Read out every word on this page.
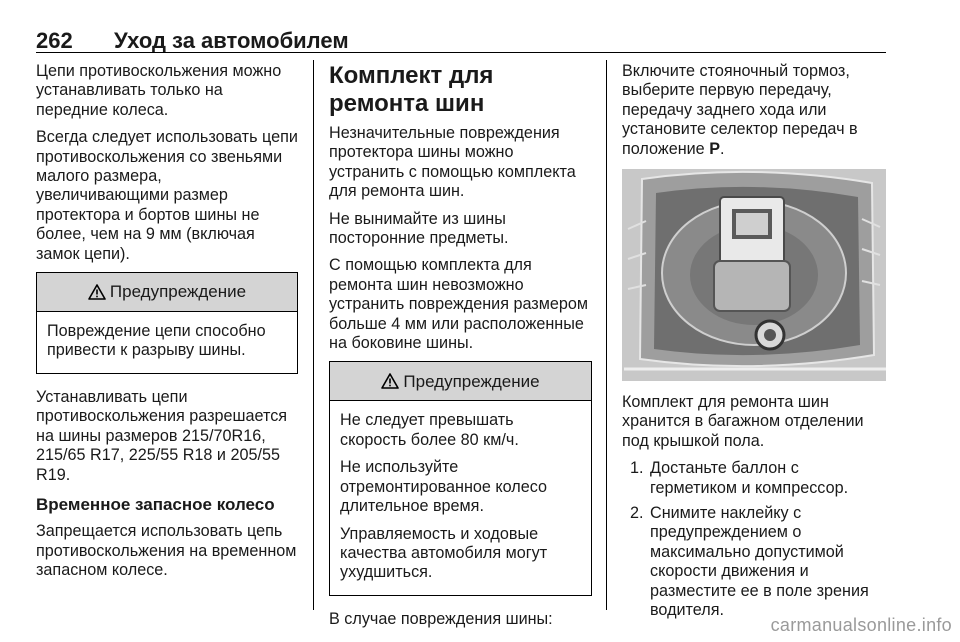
262 Уход за автомобилем

Цепи противоскольжения можно устанавливать только на передние колеса.

Всегда следует использовать цепи противоскольжения со звеньями малого размера, увеличивающими размер протектора и бортов шины не более, чем на 9 мм (включая замок цепи).

Предупреждение

Повреждение цепи способно привести к разрыву шины.

Устанавливать цепи противоскольжения разрешается на шины размеров 215/70R16, 215/65 R17, 225/55 R18 и 205/55 R19.

Временное запасное колесо

Запрещается использовать цепь противоскольжения на временном запасном колесе.

Комплект для ремонта шин

Незначительные повреждения протектора шины можно устранить с помощью комплекта для ремонта шин.

Не вынимайте из шины посторонние предметы.

С помощью комплекта для ремонта шин невозможно устранить повреждения размером больше 4 мм или расположенные на боковине шины.

Предупреждение

Не следует превышать скорость более 80 км/ч.

Не используйте отремонтированное колесо длительное время.

Управляемость и ходовые качества автомобиля могут ухудшиться.

В случае повреждения шины:

Включите стояночный тормоз, выберите первую передачу, передачу заднего хода или установите селектор передач в положение P.

Комплект для ремонта шин хранится в багажном отделении под крышкой пола.

1. Достаньте баллон с герметиком и компрессор.
2. Снимите наклейку с предупреждением о максимально допустимой скорости движения и разместите ее в поле зрения водителя.
carmanualsonline.info
